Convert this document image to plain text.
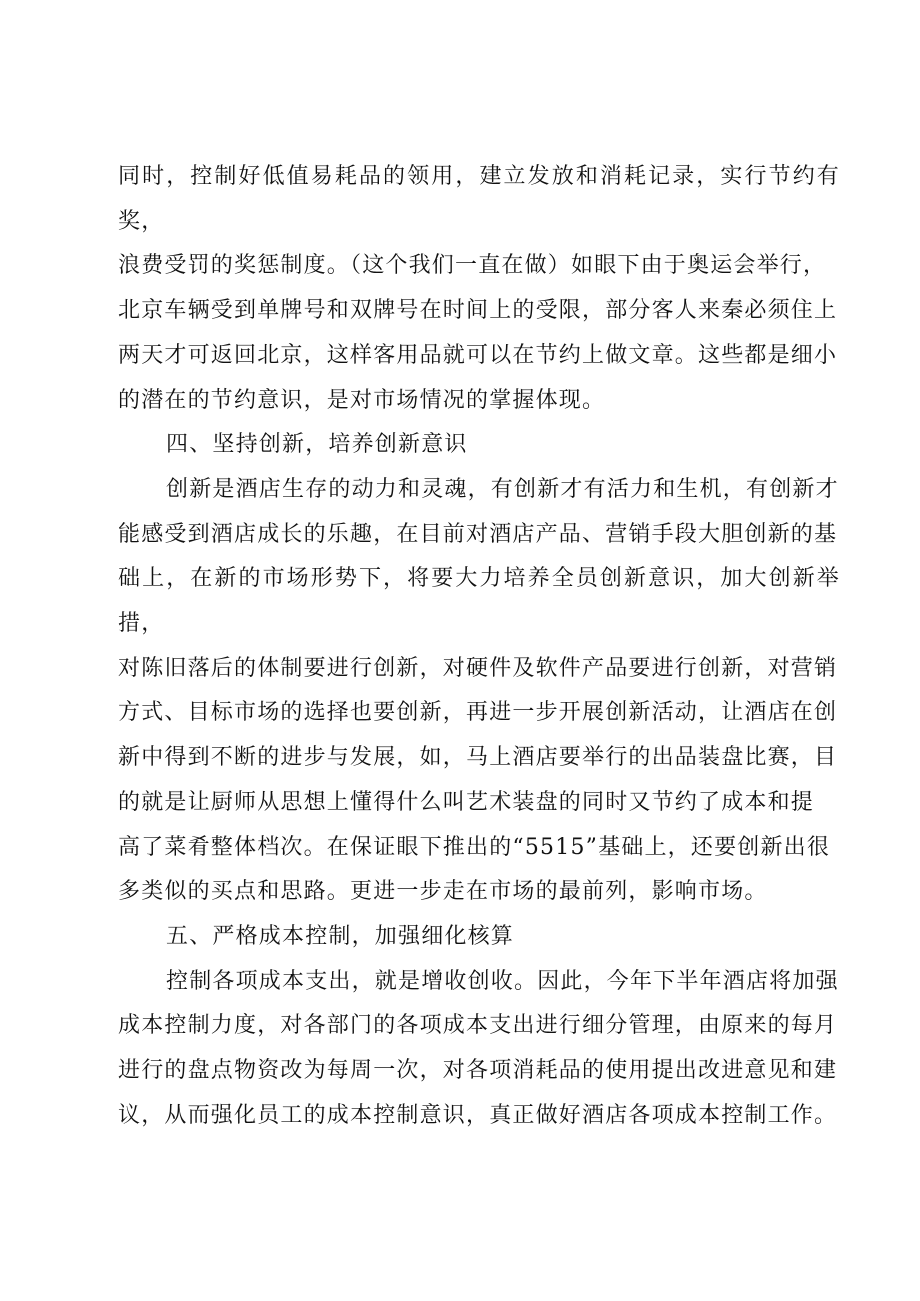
同时，控制好低值易耗品的领用，建立发放和消耗记录，实行节约有奖，
浪费受罚的奖惩制度。（这个我们一直在做）如眼下由于奥运会举行，
北京车辆受到单牌号和双牌号在时间上的受限，部分客人来秦必须住上
两天才可返回北京，这样客用品就可以在节约上做文章。这些都是细小
的潜在的节约意识，是对市场情况的掌握体现。
四、坚持创新，培养创新意识
创新是酒店生存的动力和灵魂，有创新才有活力和生机，有创新才
能感受到酒店成长的乐趣，在目前对酒店产品、营销手段大胆创新的基
础上，在新的市场形势下，将要大力培养全员创新意识，加大创新举措，
对陈旧落后的体制要进行创新，对硬件及软件产品要进行创新，对营销
方式、目标市场的选择也要创新，再进一步开展创新活动，让酒店在创
新中得到不断的进步与发展，如，马上酒店要举行的出品装盘比赛，目
的就是让厨师从思想上懂得什么叫艺术装盘的同时又节约了成本和提
高了菜肴整体档次。在保证眼下推出的“5515”基础上，还要创新出很
多类似的买点和思路。更进一步走在市场的最前列，影响市场。
五、严格成本控制，加强细化核算
控制各项成本支出，就是增收创收。因此，今年下半年酒店将加强
成本控制力度，对各部门的各项成本支出进行细分管理，由原来的每月
进行的盘点物资改为每周一次，对各项消耗品的使用提出改进意见和建
议，从而强化员工的成本控制意识，真正做好酒店各项成本控制工作。
